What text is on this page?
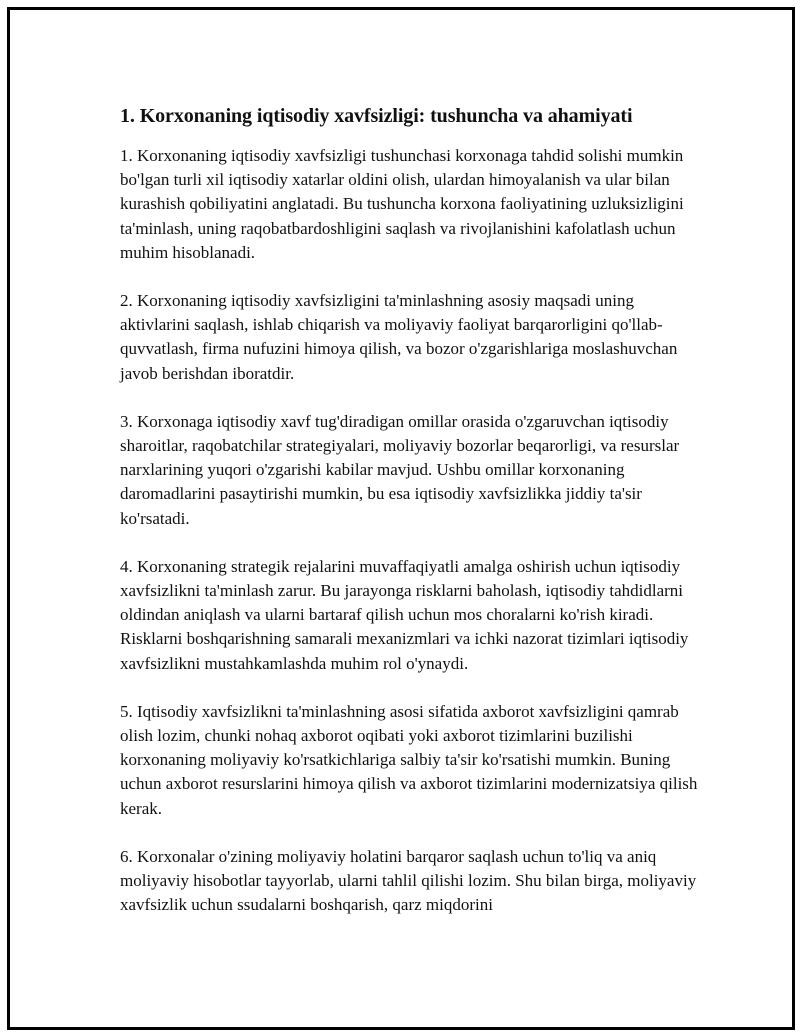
1. Korxonaning iqtisodiy xavfsizligi: tushuncha va ahamiyati

1. Korxonaning iqtisodiy xavfsizligi tushunchasi korxonaga tahdid solishi mumkin bo'lgan turli xil iqtisodiy xatarlar oldini olish, ulardan himoyalanish va ular bilan kurashish qobiliyatini anglatadi. Bu tushuncha korxona faoliyatining uzluksizligini ta'minlash, uning raqobatbardoshligini saqlash va rivojlanishini kafolatlash uchun muhim hisoblanadi.

2. Korxonaning iqtisodiy xavfsizligini ta'minlashning asosiy maqsadi uning aktivlarini saqlash, ishlab chiqarish va moliyaviy faoliyat barqarorligini qo'llab-quvvatlash, firma nufuzini himoya qilish, va bozor o'zgarishlariga moslashuvchan javob berishdan iboratdir.

3. Korxonaga iqtisodiy xavf tug'diradigan omillar orasida o'zgaruvchan iqtisodiy sharoitlar, raqobatchilar strategiyalari, moliyaviy bozorlar beqarorligi, va resurslar narxlarining yuqori o'zgarishi kabilar mavjud. Ushbu omillar korxonaning daromadlarini pasaytirishi mumkin, bu esa iqtisodiy xavfsizlikka jiddiy ta'sir ko'rsatadi.

4. Korxonaning strategik rejalarini muvaffaqiyatli amalga oshirish uchun iqtisodiy xavfsizlikni ta'minlash zarur. Bu jarayonga risklarni baholash, iqtisodiy tahdidlarni oldindan aniqlash va ularni bartaraf qilish uchun mos choralarni ko'rish kiradi. Risklarni boshqarishning samarali mexanizmlari va ichki nazorat tizimlari iqtisodiy xavfsizlikni mustahkamlashda muhim rol o'ynaydi.

5. Iqtisodiy xavfsizlikni ta'minlashning asosi sifatida axborot xavfsizligini qamrab olish lozim, chunki nohaq axborot oqibati yoki axborot tizimlarini buzilishi korxonaning moliyaviy ko'rsatkichlariga salbiy ta'sir ko'rsatishi mumkin. Buning uchun axborot resurslarini himoya qilish va axborot tizimlarini modernizatsiya qilish kerak.

6. Korxonalar o'zining moliyaviy holatini barqaror saqlash uchun to'liq va aniq moliyaviy hisobotlar tayyorlab, ularni tahlil qilishi lozim. Shu bilan birga, moliyaviy xavfsizlik uchun ssudalarni boshqarish, qarz miqdorini
